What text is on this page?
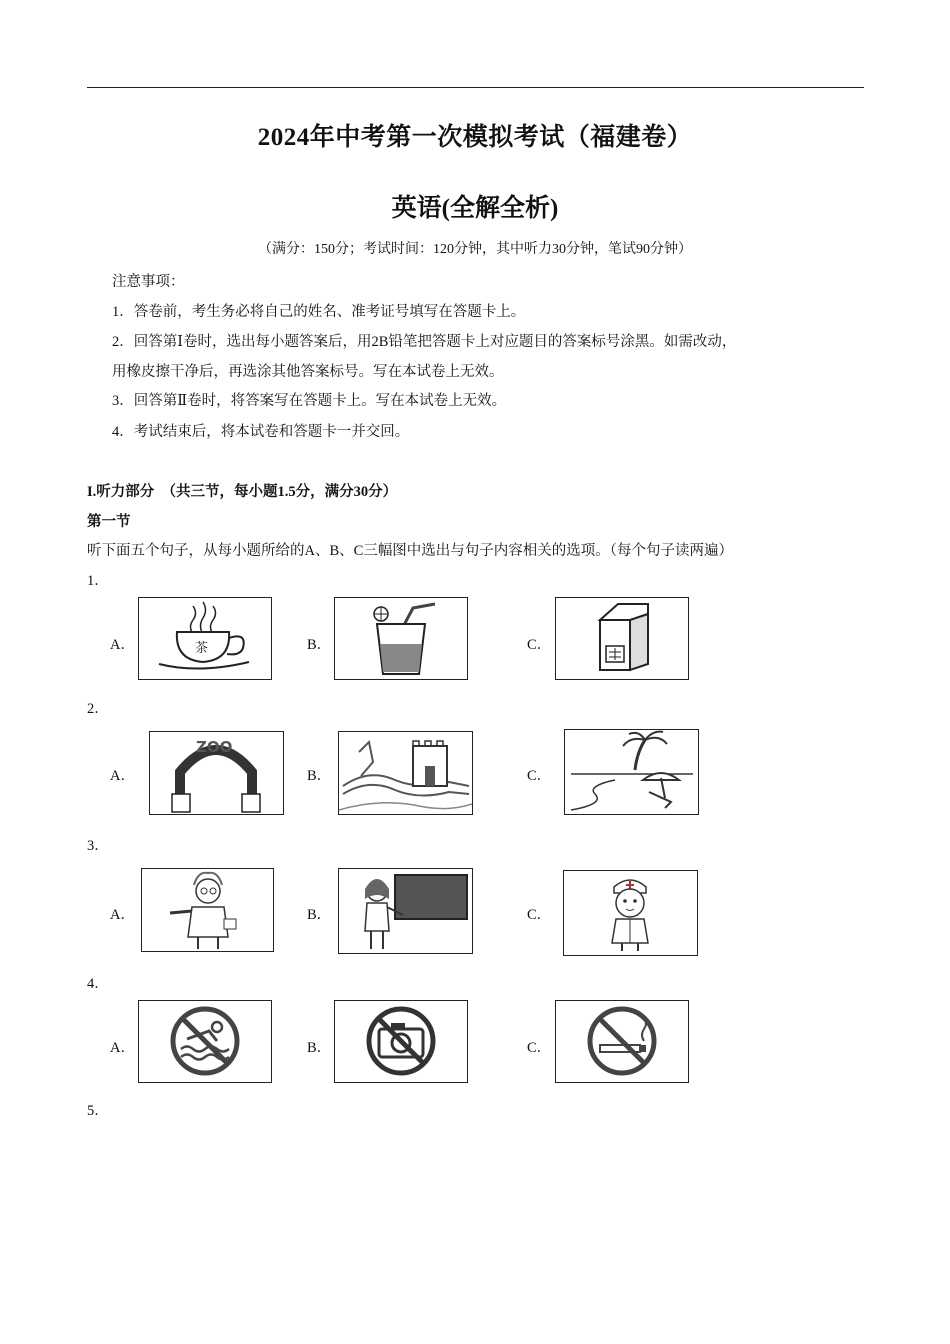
2024年中考第一次模拟考试（福建卷）
英语(全解全析)
（满分：150分；考试时间：120分钟，其中听力30分钟，笔试90分钟）
注意事项：
1．答卷前，考生务必将自己的姓名、准考证号填写在答题卡上。
2．回答第Ⅰ卷时，选出每小题答案后，用2B铅笔把答题卡上对应题目的答案标号涂黑。如需改动，
用橡皮擦干净后，再选涂其他答案标号。写在本试卷上无效。
3．回答第Ⅱ卷时，将答案写在答题卡上。写在本试卷上无效。
4．考试结束后，将本试卷和答题卡一并交回。
I.听力部分　（共三节，每小题1.5分，满分30分）
第一节
听下面五个句子，从每小题所给的A、B、C三幅图中选出与句子内容相关的选项。（每个句子读两遍）
1．
A．	茶	B．	C．
2．
A．
ZOO
B．	C．
3．
A．	B．	C．
4．
A．	B．	C．
5．
